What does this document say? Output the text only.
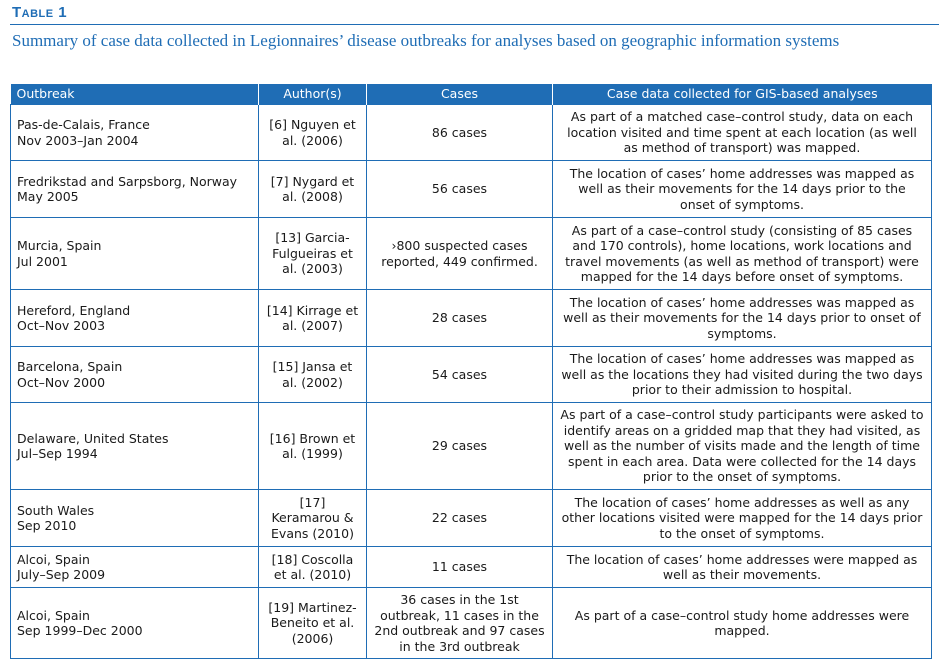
Table 1
Summary of case data collected in Legionnaires’ disease outbreaks for analyses based on geographic information systems
Outbreak	Author(s)	Cases	Case data collected for GIS-based analyses

Pas-de-Calais, France
Nov 2003–Jan 2004	[6] Nguyen et al. (2006)	86 cases	As part of a matched case–control study, data on each location visited and time spent at each location (as well as method of transport) was mapped.

Fredrikstad and Sarpsborg, Norway
May 2005	[7] Nygard et al. (2008)	56 cases	The location of cases’ home addresses was mapped as well as their movements for the 14 days prior to the onset of symptoms.

Murcia, Spain
Jul 2001	[13] Garcia-Fulgueiras et al. (2003)	›800 suspected cases reported, 449 confirmed.	As part of a case–control study (consisting of 85 cases and 170 controls), home locations, work locations and travel movements (as well as method of transport) were mapped for the 14 days before onset of symptoms.

Hereford, England
Oct–Nov 2003	[14] Kirrage et al. (2007)	28 cases	The location of cases’ home addresses was mapped as well as their movements for the 14 days prior to onset of symptoms.

Barcelona, Spain
Oct–Nov 2000	[15] Jansa et al. (2002)	54 cases	The location of cases’ home addresses was mapped as well as the locations they had visited during the two days prior to their admission to hospital.

Delaware, United States
Jul–Sep 1994	[16] Brown et al. (1999)	29 cases	As part of a case–control study participants were asked to identify areas on a gridded map that they had visited, as well as the number of visits made and the length of time spent in each area. Data were collected for the 14 days prior to the onset of symptoms.

South Wales
Sep 2010	[17] Keramarou & Evans (2010)	22 cases	The location of cases’ home addresses as well as any other locations visited were mapped for the 14 days prior to the onset of symptoms.

Alcoi, Spain
July–Sep 2009	[18] Coscolla et al. (2010)	11 cases	The location of cases’ home addresses were mapped as well as their movements.

Alcoi, Spain
Sep 1999–Dec 2000	[19] Martinez-Beneito et al. (2006)	36 cases in the 1st outbreak, 11 cases in the 2nd outbreak and 97 cases in the 3rd outbreak	As part of a case–control study home addresses were mapped.
